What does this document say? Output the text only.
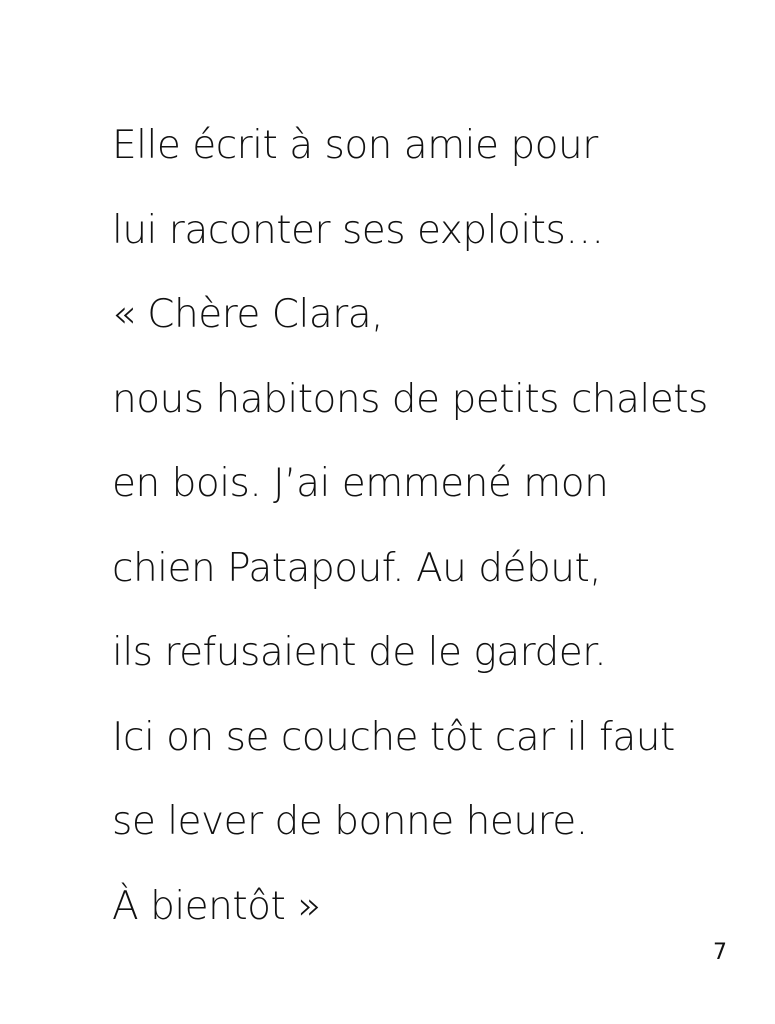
Elle écrit à son amie pour
lui raconter ses exploits…
« Chère Clara,
nous habitons de petits chalets
en bois. J’ai emmené mon
chien Patapouf. Au début,
ils refusaient de le garder.
Ici on se couche tôt car il faut
se lever de bonne heure.
À bientôt »
7
